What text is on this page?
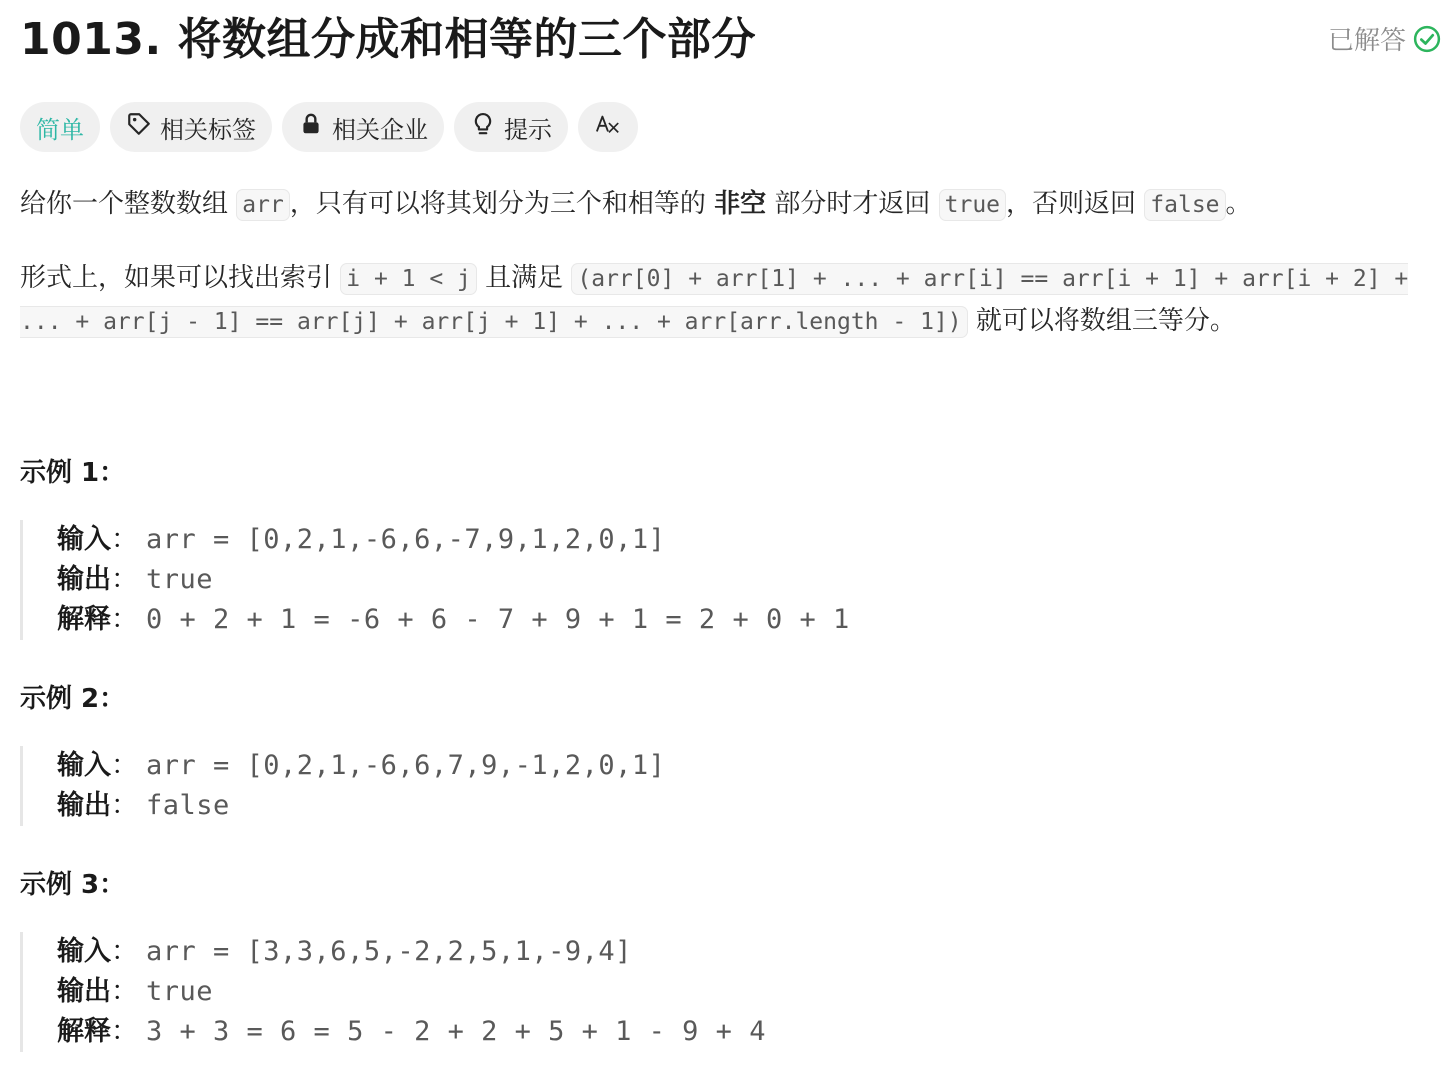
1013. 将数组分成和相等的三个部分	已解答
简单	相关标签	相关企业	提示

给你一个整数数组 arr ，只有可以将其划分为三个和相等的 非空 部分时才返回 true ，否则返回 false 。

形式上，如果可以找出索引 i + 1 < j 且满足 (arr[0] + arr[1] + ... + arr[i] == arr[i + 1] + arr[i + 2] + ... + arr[j - 1] == arr[j] + arr[j + 1] + ... + arr[arr.length - 1]) 就可以将数组三等分。

示例 1：
输入 ： arr = [0,2,1,-6,6,-7,9,1,2,0,1]
输出 ： true
解释 ： 0 + 2 + 1 = -6 + 6 - 7 + 9 + 1 = 2 + 0 + 1
示例 2：
输入 ： arr = [0,2,1,-6,6,7,9,-1,2,0,1]
输出 ： false
示例 3：
输入 ： arr = [3,3,6,5,-2,2,5,1,-9,4]
输出 ： true
解释 ： 3 + 3 = 6 = 5 - 2 + 2 + 5 + 1 - 9 + 4
